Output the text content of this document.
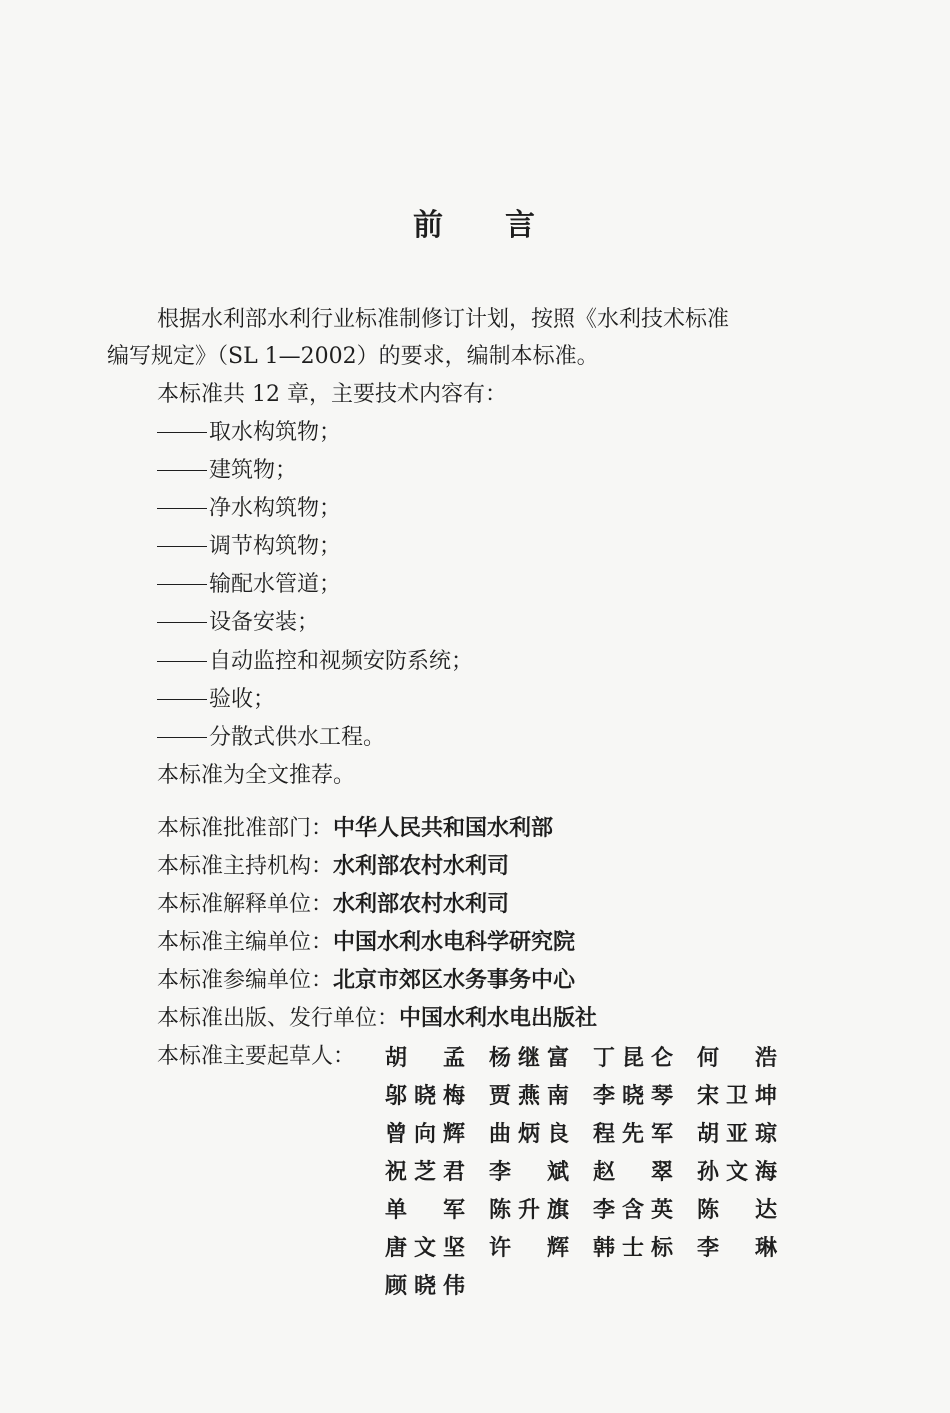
前 言
根据水利部水利行业标准制修订计划，按照《水利技术标准
编写规定》（SL 1—2002）的要求，编制本标准。
本标准共 12 章，主要技术内容有：
取水构筑物；
建筑物；
净水构筑物；
调节构筑物；
输配水管道；
设备安装；
自动监控和视频安防系统；
验收；
分散式供水工程。
本标准为全文推荐。
本标准批准部门：中华人民共和国水利部
本标准主持机构：水利部农村水利司
本标准解释单位：水利部农村水利司
本标准主编单位：中国水利水电科学研究院
本标准参编单位：北京市郊区水务事务中心
本标准出版、发行单位：中国水利水电出版社
本标准主要起草人： 胡　孟 杨继富 丁昆仑 何　浩
邬晓梅 贾燕南 李晓琴 宋卫坤
曾向辉 曲炳良 程先军 胡亚琼
祝芝君 李　斌 赵　翠 孙文海
单　军 陈升旗 李含英 陈　达
唐文坚 许　辉 韩士标 李　琳
顾晓伟
